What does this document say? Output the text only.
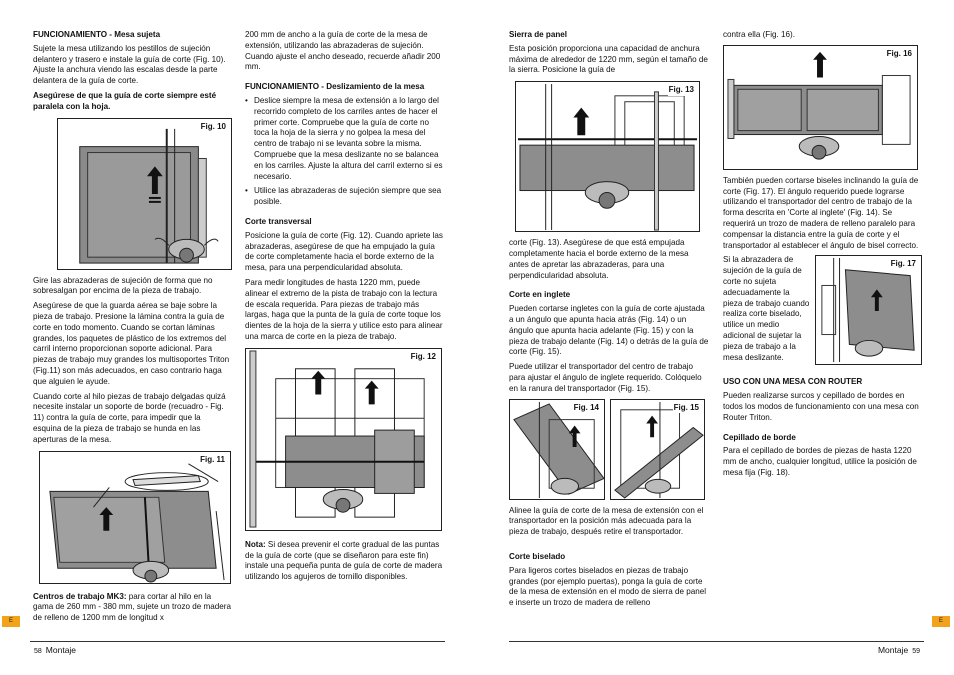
FUNCIONAMIENTO - Mesa sujeta

Sujete la mesa utilizando los pestillos de sujeción delantero y trasero e instale la guía de corte (Fig. 10). Ajuste la anchura viendo las escalas desde la parte delantera de la guía de corte.

Asegúrese de que la guía de corte siempre esté paralela con la hoja.

Fig. 10

Gire las abrazaderas de sujeción de forma que no sobresalgan por encima de la pieza de trabajo.

Asegúrese de que la guarda aérea se baje sobre la pieza de trabajo. Presione la lámina contra la guía de corte en todo momento. Cuando se cortan láminas grandes, los paquetes de plástico de los extremos del carril interno proporcionan soporte adicional. Para piezas de trabajo muy grandes los multisoportes Triton (Fig.11) son más adecuados, en caso contrario haga que alguien le ayude.

Cuando corte al hilo piezas de trabajo delgadas quizá necesite instalar un soporte de borde (recuadro - Fig. 11) contra la guía de corte, para impedir que la esquina de la pieza de trabajo se hunda en las aperturas de la mesa.

Fig. 11

Centros de trabajo MK3: para cortar al hilo en la gama de 260 mm - 380 mm, sujete un trozo de madera de relleno de 1200 mm de longitud x

200 mm de ancho a la guía de corte de la mesa de extensión, utilizando las abrazaderas de sujeción. Cuando ajuste el ancho deseado, recuerde añadir 200 mm.

FUNCIONAMIENTO - Deslizamiento de la mesa
• Deslice siempre la mesa de extensión a lo largo del recorrido completo de los carriles antes de hacer el primer corte. Compruebe que la guía de corte no toca la hoja de la sierra y no golpea la mesa del centro de trabajo ni se levanta sobre la misma. Compruebe que la mesa deslizante no se balancea en los carriles. Ajuste la altura del carril externo si es necesario.
• Utilice las abrazaderas de sujeción siempre que sea posible.
Corte transversal

Posicione la guía de corte (Fig. 12). Cuando apriete las abrazaderas, asegúrese de que ha empujado la guía de corte completamente hacia el borde externo de la mesa, para una perpendicularidad absoluta.

Para medir longitudes de hasta 1220 mm, puede alinear el extremo de la pista de trabajo con la lectura de escala requerida. Para piezas de trabajo más largas, haga que la punta de la guía de corte toque los dientes de la hoja de la sierra y utilice esto para alinear una marca de corte en la pieza de trabajo.

Fig. 12

Nota: Si desea prevenir el corte gradual de las puntas de la guía de corte (que se diseñaron para este fin) instale una pequeña punta de guía de corte de madera utilizando los agujeros de tornillo disponibles.

E
58 Montaje
Sierra de panel

Esta posición proporciona una capacidad de anchura máxima de alrededor de 1220 mm, según el tamaño de la sierra. Posicione la guía de

Fig. 13

corte (Fig. 13). Asegúrese de que está empujada completamente hacia el borde externo de la mesa antes de apretar las abrazaderas, para una perpendicularidad absoluta.

Corte en inglete

Pueden cortarse ingletes con la guía de corte ajustada a un ángulo que apunta hacia atrás (Fig. 14) o un ángulo que apunta hacia adelante (Fig. 15) y con la pieza de trabajo delante (Fig. 14) o detrás de la guía de corte (Fig. 15).

Puede utilizar el transportador del centro de trabajo para ajustar el ángulo de inglete requerido. Colóquelo en la ranura del transportador (Fig. 15).

Fig. 14	Fig. 15

Alinee la guía de corte de la mesa de extensión con el transportador en la posición más adecuada para la pieza de trabajo, después retire el transportador.

Corte biselado

Para ligeros cortes biselados en piezas de trabajo grandes (por ejemplo puertas), ponga la guía de corte de la mesa de extensión en el modo de sierra de panel e inserte un trozo de madera de relleno

contra ella (Fig. 16).

Fig. 16

También pueden cortarse biseles inclinando la guía de corte (Fig. 17). El ángulo requerido puede lograrse utilizando el transportador del centro de trabajo de la forma descrita en 'Corte al inglete' (Fig. 14). Se requerirá un trozo de madera de relleno paralelo para compensar la distancia entre la guía de corte y el transportador al establecer el ángulo de bisel correcto.

Fig. 17

Si la abrazadera de sujeción de la guía de corte no sujeta adecuadamente la pieza de trabajo cuando realiza corte biselado, utilice un medio adicional de sujetar la pieza de trabajo a la mesa deslizante.

USO CON UNA MESA CON ROUTER

Pueden realizarse surcos y cepillado de bordes en todos los modos de funcionamiento con una mesa con Router Triton.

Cepillado de borde

Para el cepillado de bordes de piezas de hasta 1220 mm de ancho, cualquier longitud, utilice la posición de mesa fija (Fig. 18).

E
Montaje 59
